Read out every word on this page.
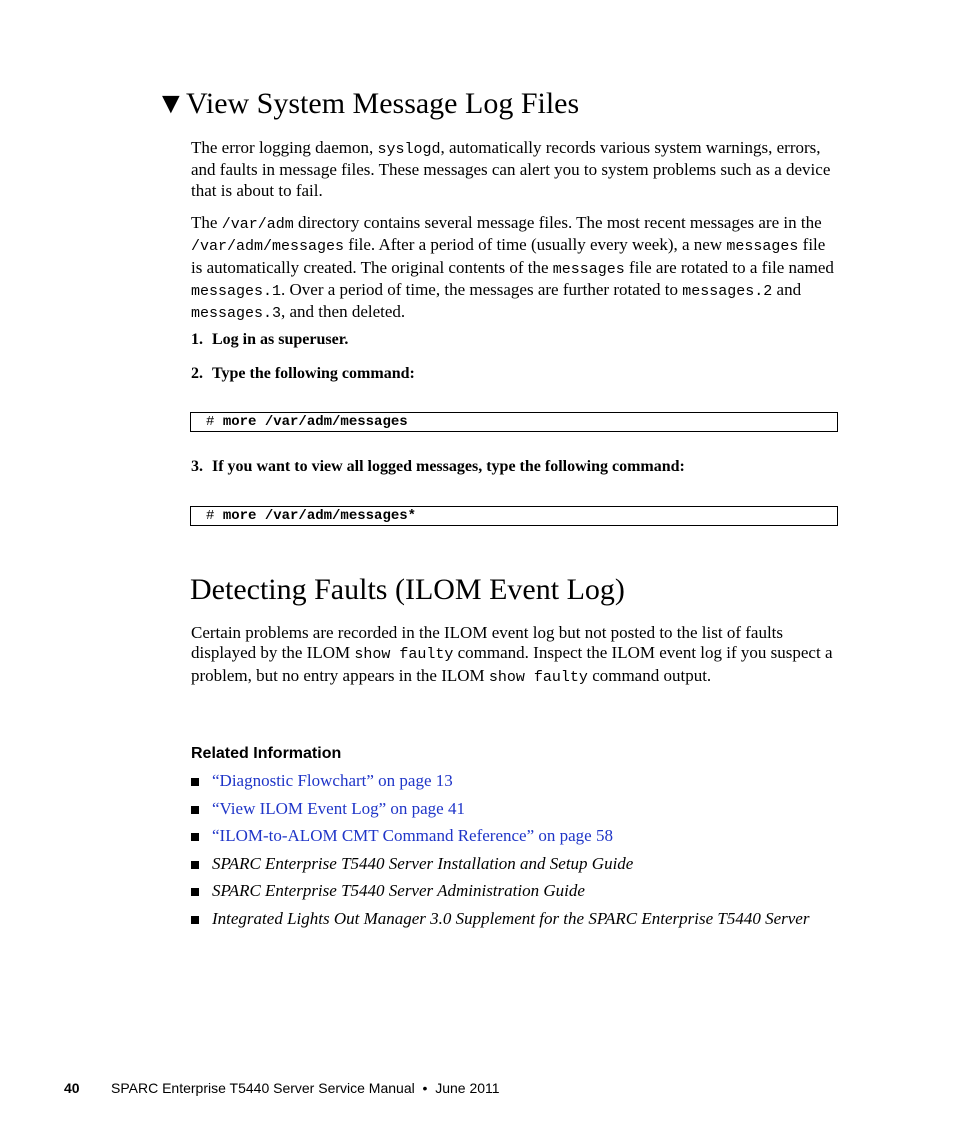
▼View System Message Log Files

The error logging daemon, syslogd, automatically records various system warnings, errors, and faults in message files. These messages can alert you to system problems such as a device that is about to fail.

The /var/adm directory contains several message files. The most recent messages are in the /var/adm/messages file. After a period of time (usually every week), a new messages file is automatically created. The original contents of the messages file are rotated to a file named messages.1. Over a period of time, the messages are further rotated to messages.2 and messages.3, and then deleted.

1. Log in as superuser.

2. Type the following command:

# more /var/adm/messages

3. If you want to view all logged messages, type the following command:

# more /var/adm/messages*
Detecting Faults (ILOM Event Log)

Certain problems are recorded in the ILOM event log but not posted to the list of faults displayed by the ILOM show faulty command. Inspect the ILOM event log if you suspect a problem, but no entry appears in the ILOM show faulty command output.

Related Information
“Diagnostic Flowchart” on page 13
“View ILOM Event Log” on page 41
“ILOM-to-ALOM CMT Command Reference” on page 58
SPARC Enterprise T5440 Server Installation and Setup Guide
SPARC Enterprise T5440 Server Administration Guide
Integrated Lights Out Manager 3.0 Supplement for the SPARC Enterprise T5440 Server
40 SPARC Enterprise T5440 Server Service Manual • June 2011
